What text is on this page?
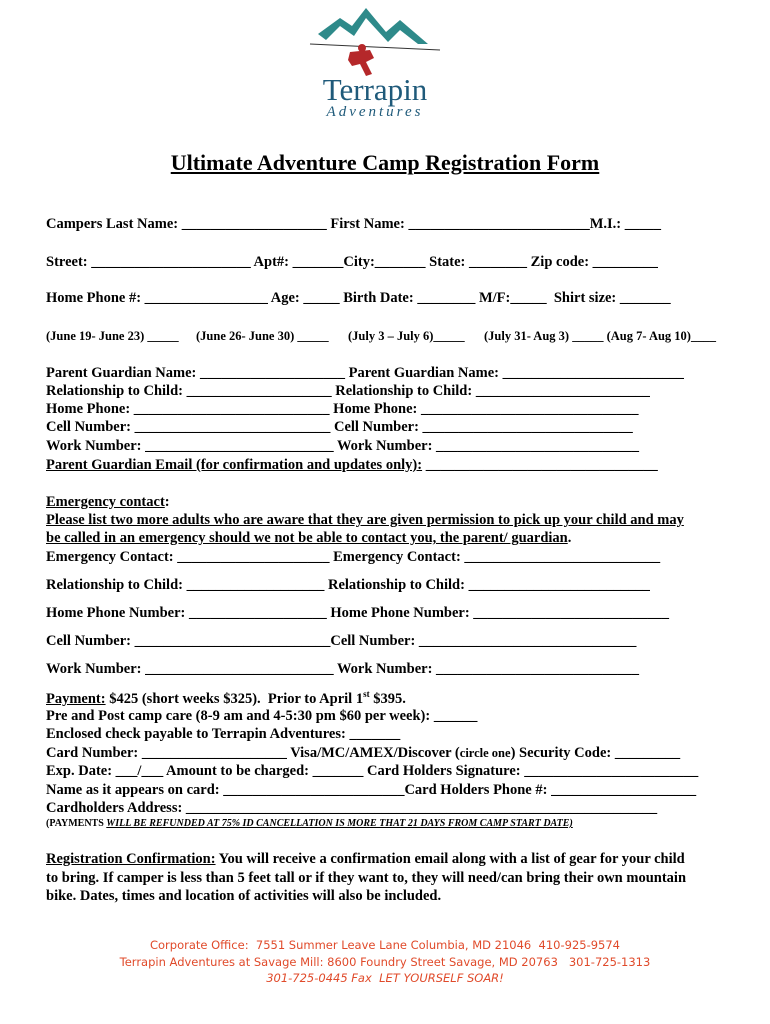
Terrapin
Adventures
Ultimate Adventure Camp Registration Form
Campers Last Name: ____________________ First Name: _________________________M.I.: _____
Street: ______________________ Apt#: _______City:_______ State: ________ Zip code: _________
Home Phone #: _________________ Age: _____ Birth Date: ________ M/F:_____  Shirt size: _______
(June 19- June 23) _____ (June 26- June 30) _____ (July 3 – July 6)_____ (July 31- Aug 3) _____ (Aug 7- Aug 10)____
Parent Guardian Name: ____________________ Parent Guardian Name: _________________________
Relationship to Child: ____________________ Relationship to Child: ________________________
Home Phone: ___________________________ Home Phone: ______________________________
Cell Number: ___________________________ Cell Number: _____________________________
Work Number: __________________________ Work Number: ____________________________
Parent Guardian Email (for confirmation and updates only): ________________________________
Emergency contact:
Please list two more adults who are aware that they are given permission to pick up your child and may
be called in an emergency should we not be able to contact you, the parent/ guardian.
Emergency Contact: _____________________ Emergency Contact: ___________________________
Relationship to Child: ___________________ Relationship to Child: _________________________
Home Phone Number: ___________________ Home Phone Number: ___________________________
Cell Number: ___________________________Cell Number: ______________________________
Work Number: __________________________ Work Number: ____________________________
Payment: $425 (short weeks $325).  Prior to April 1st $395.
Pre and Post camp care (8-9 am and 4-5:30 pm $60 per week): ______
Enclosed check payable to Terrapin Adventures: _______
Card Number: ____________________ Visa/MC/AMEX/Discover (circle one) Security Code: _________
Exp. Date: ___/___ Amount to be charged: _______ Card Holders Signature: ________________________
Name as it appears on card: _________________________Card Holders Phone #: ____________________
Cardholders Address: _________________________________________________________________
(PAYMENTS WILL BE REFUNDED AT 75% ID CANCELLATION IS MORE THAT 21 DAYS FROM CAMP START DATE)
Registration Confirmation: You will receive a confirmation email along with a list of gear for your child
to bring. If camper is less than 5 feet tall or if they want to, they will need/can bring their own mountain
bike. Dates, times and location of activities will also be included.
Corporate Office:  7551 Summer Leave Lane Columbia, MD 21046  410-925-9574
Terrapin Adventures at Savage Mill: 8600 Foundry Street Savage, MD 20763   301-725-1313
301-725-0445 Fax  LET YOURSELF SOAR!
